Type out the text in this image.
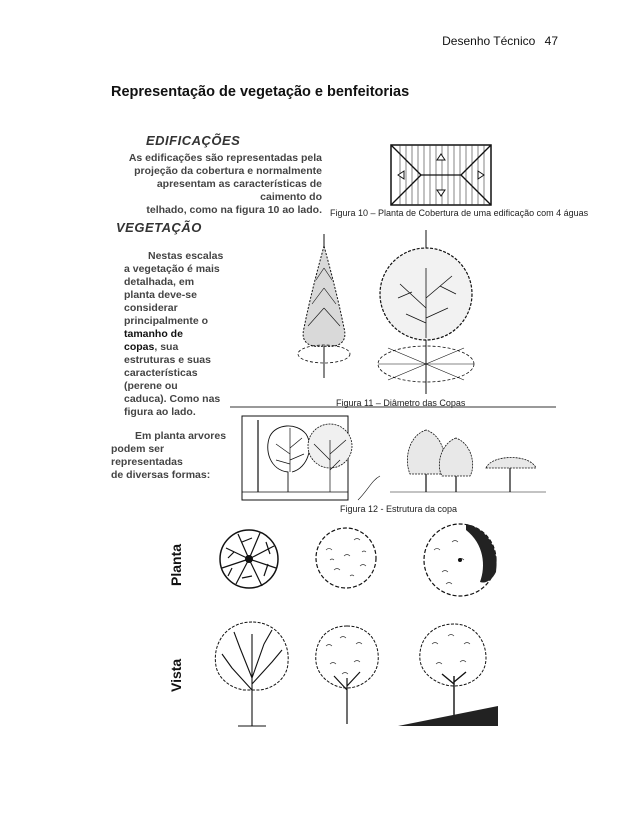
Desenho Técnico 47
Representação de vegetação e benfeitorias
EDIFICAÇÕES
As edificações são representadas pela
projeção da cobertura e normalmente
apresentam as características de caimento do
telhado, como na figura 10 ao lado. Figura 10 – Planta de Cobertura de uma edificação com 4 águas
VEGETAÇÃO
Nestas escalas
a vegetação é mais
detalhada, em
planta deve-se
considerar
principalmente o
tamanho de
copas, sua
estruturas e suas
características
(perene ou
caduca). Como nas
figura ao lado.
Figura 11 – Diâmetro das Copas
Em planta arvores
podem ser representadas
de diversas formas:
Figura 12 - Estrutura da copa
Planta
Vista
